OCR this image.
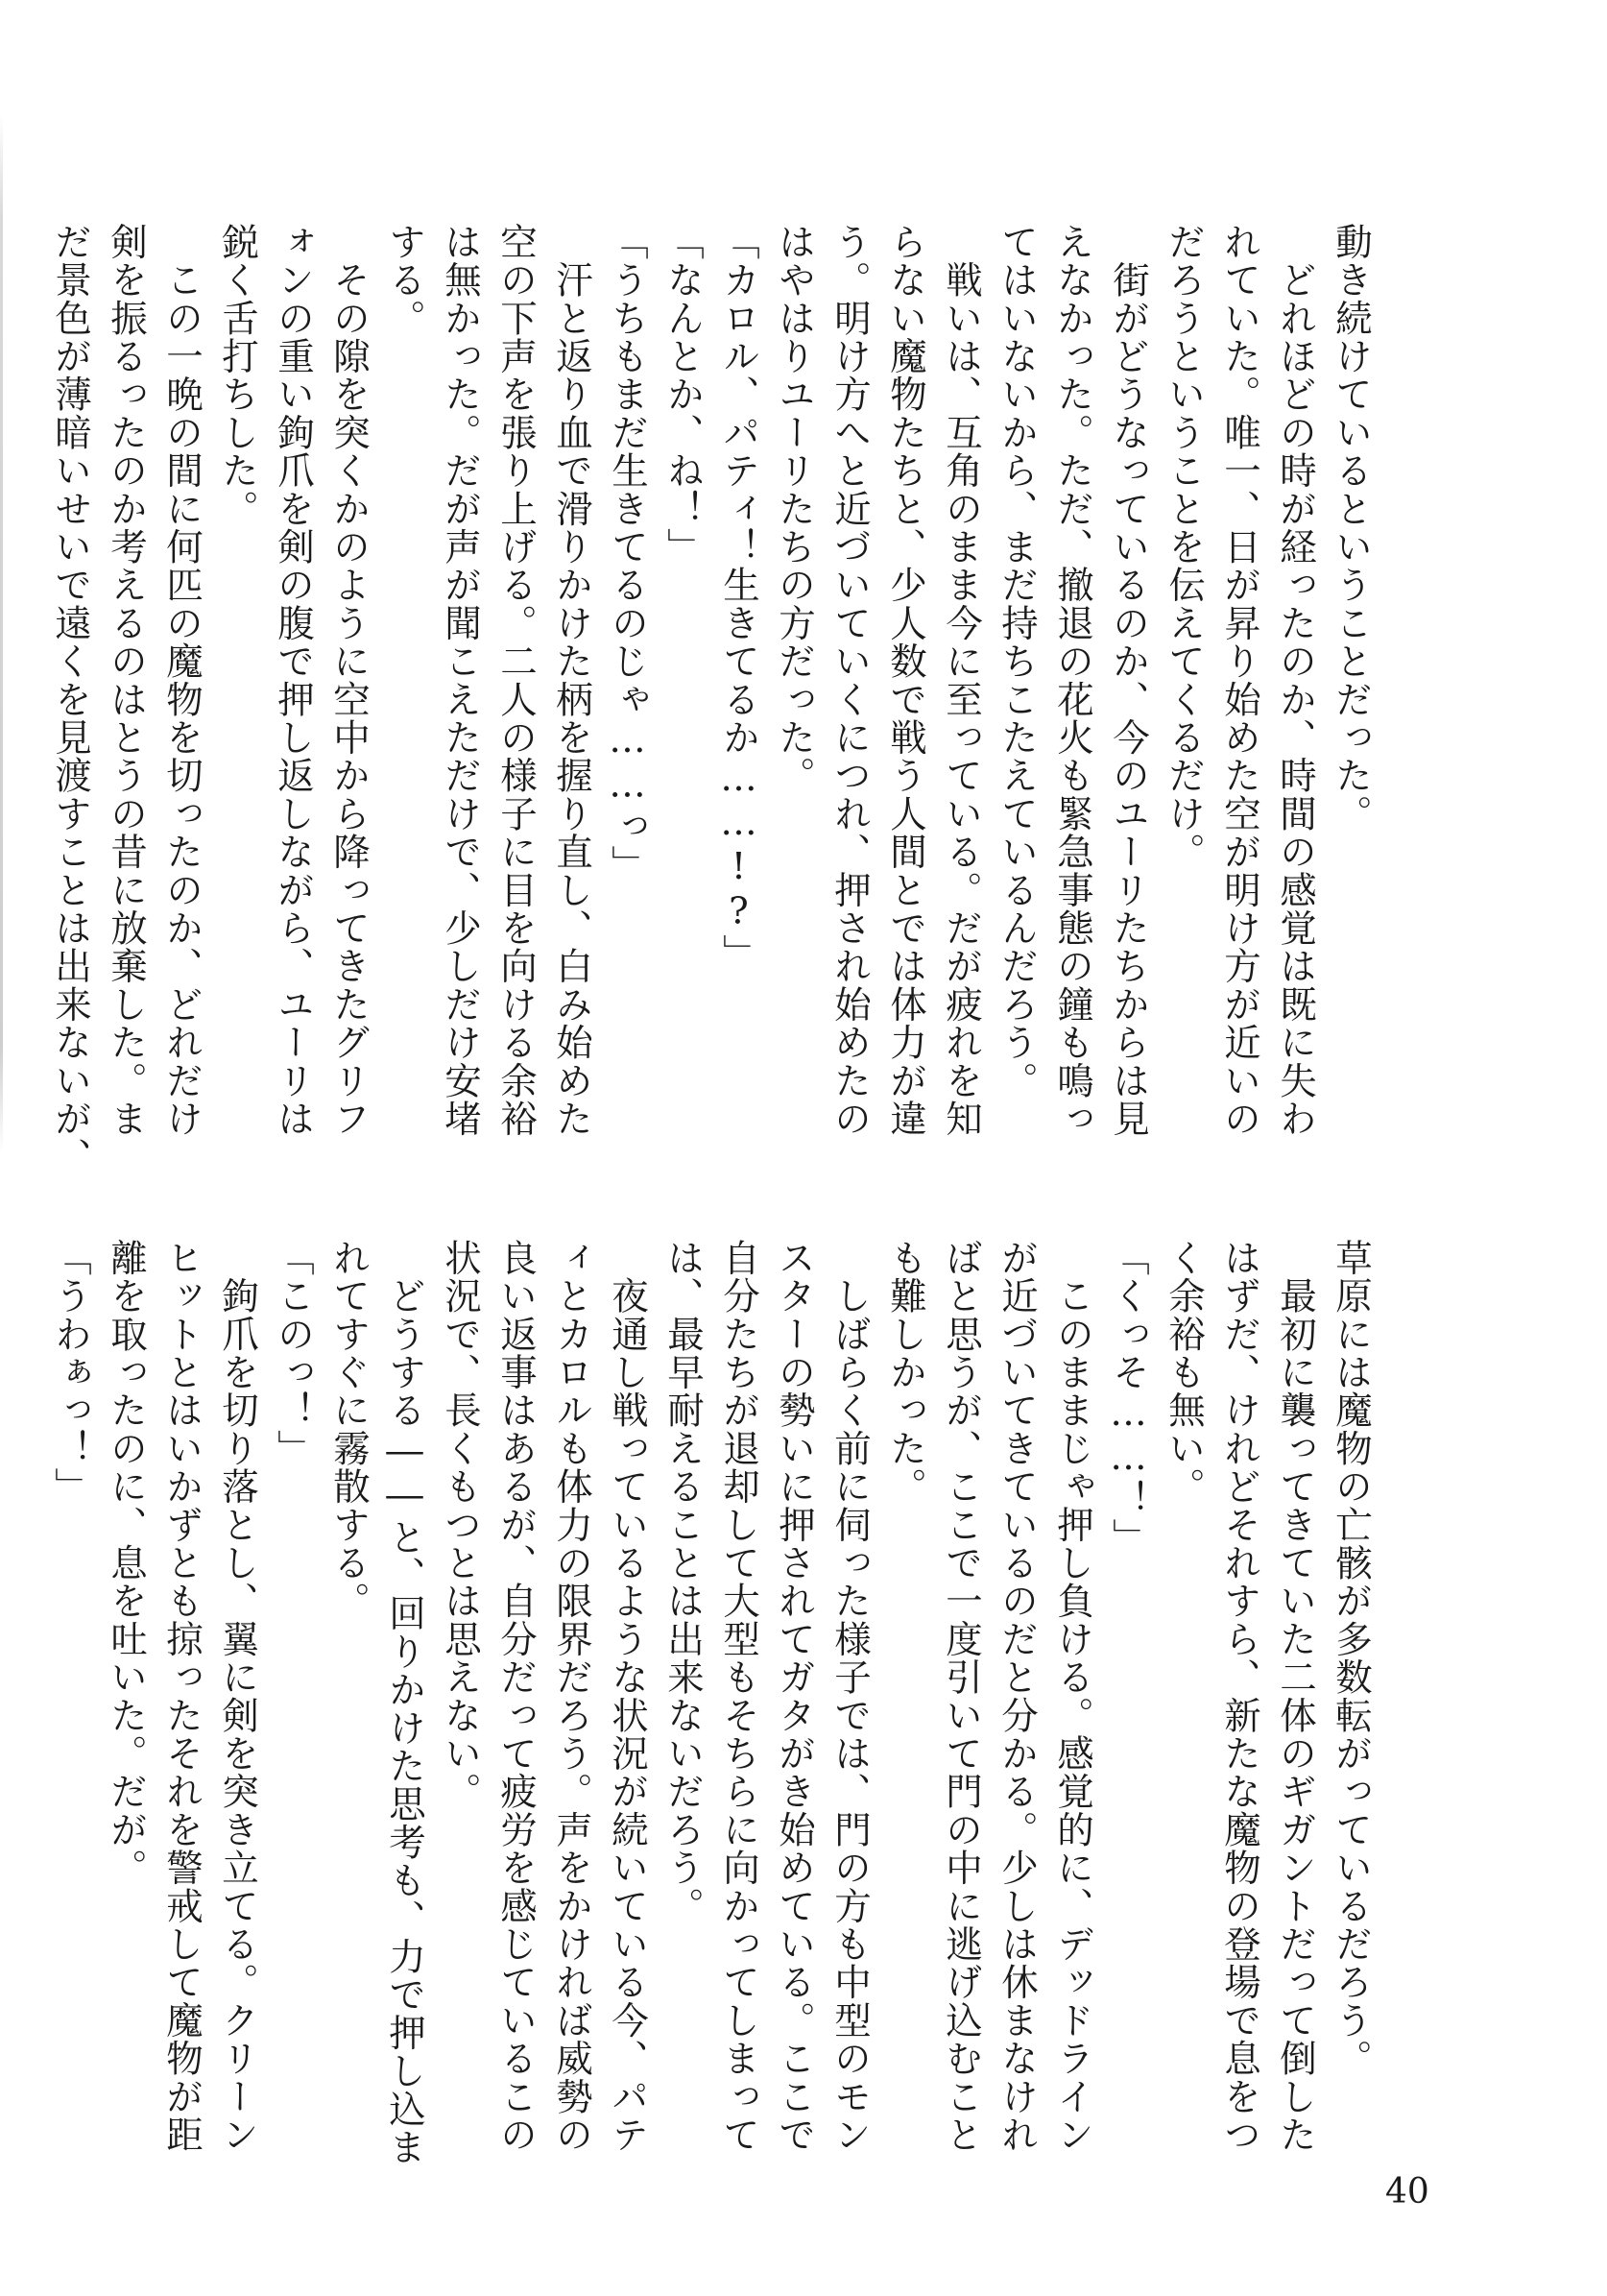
動き続けているということだった。
　どれほどの時が経ったのか、時間の感覚は既に失わ
れていた。唯一、日が昇り始めた空が明け方が近いの
だろうということを伝えてくるだけ。
　街がどうなっているのか、今のユーリたちからは見
えなかった。ただ、撤退の花火も緊急事態の鐘も鳴っ
てはいないから、まだ持ちこたえているんだろう。
　戦いは、互角のまま今に至っている。だが疲れを知
らない魔物たちと、少人数で戦う人間とでは体力が違
う。明け方へと近づいていくにつれ、押され始めたの
はやはりユーリたちの方だった。
「カロル、パティ！生きてるか……!?」
「なんとか、ね！」
「うちもまだ生きてるのじゃ……っ」
　汗と返り血で滑りかけた柄を握り直し、白み始めた
空の下声を張り上げる。二人の様子に目を向ける余裕
は無かった。だが声が聞こえただけで、少しだけ安堵
する。
　その隙を突くかのように空中から降ってきたグリフ
ォンの重い鉤爪を剣の腹で押し返しながら、ユーリは
鋭く舌打ちした。
　この一晩の間に何匹の魔物を切ったのか、どれだけ
剣を振るったのか考えるのはとうの昔に放棄した。ま
だ景色が薄暗いせいで遠くを見渡すことは出来ないが、
草原には魔物の亡骸が多数転がっているだろう。
　最初に襲ってきていた二体のギガントだって倒した
はずだ、けれどそれすら、新たな魔物の登場で息をつ
く余裕も無い。
「くっそ……！」
　このままじゃ押し負ける。感覚的に、デッドライン
が近づいてきているのだと分かる。少しは休まなけれ
ばと思うが、ここで一度引いて門の中に逃げ込むこと
も難しかった。
　しばらく前に伺った様子では、門の方も中型のモン
スターの勢いに押されてガタがき始めている。ここで
自分たちが退却して大型もそちらに向かってしまって
は、最早耐えることは出来ないだろう。
　夜通し戦っているような状況が続いている今、パテ
ィとカロルも体力の限界だろう。声をかければ威勢の
良い返事はあるが、自分だって疲労を感じているこの
状況で、長くもつとは思えない。
　どうする――と、回りかけた思考も、力で押し込ま
れてすぐに霧散する。
「このっ！」
　鉤爪を切り落とし、翼に剣を突き立てる。クリーン
ヒットとはいかずとも掠ったそれを警戒して魔物が距
離を取ったのに、息を吐いた。だが。
「うわぁっ！」
40
